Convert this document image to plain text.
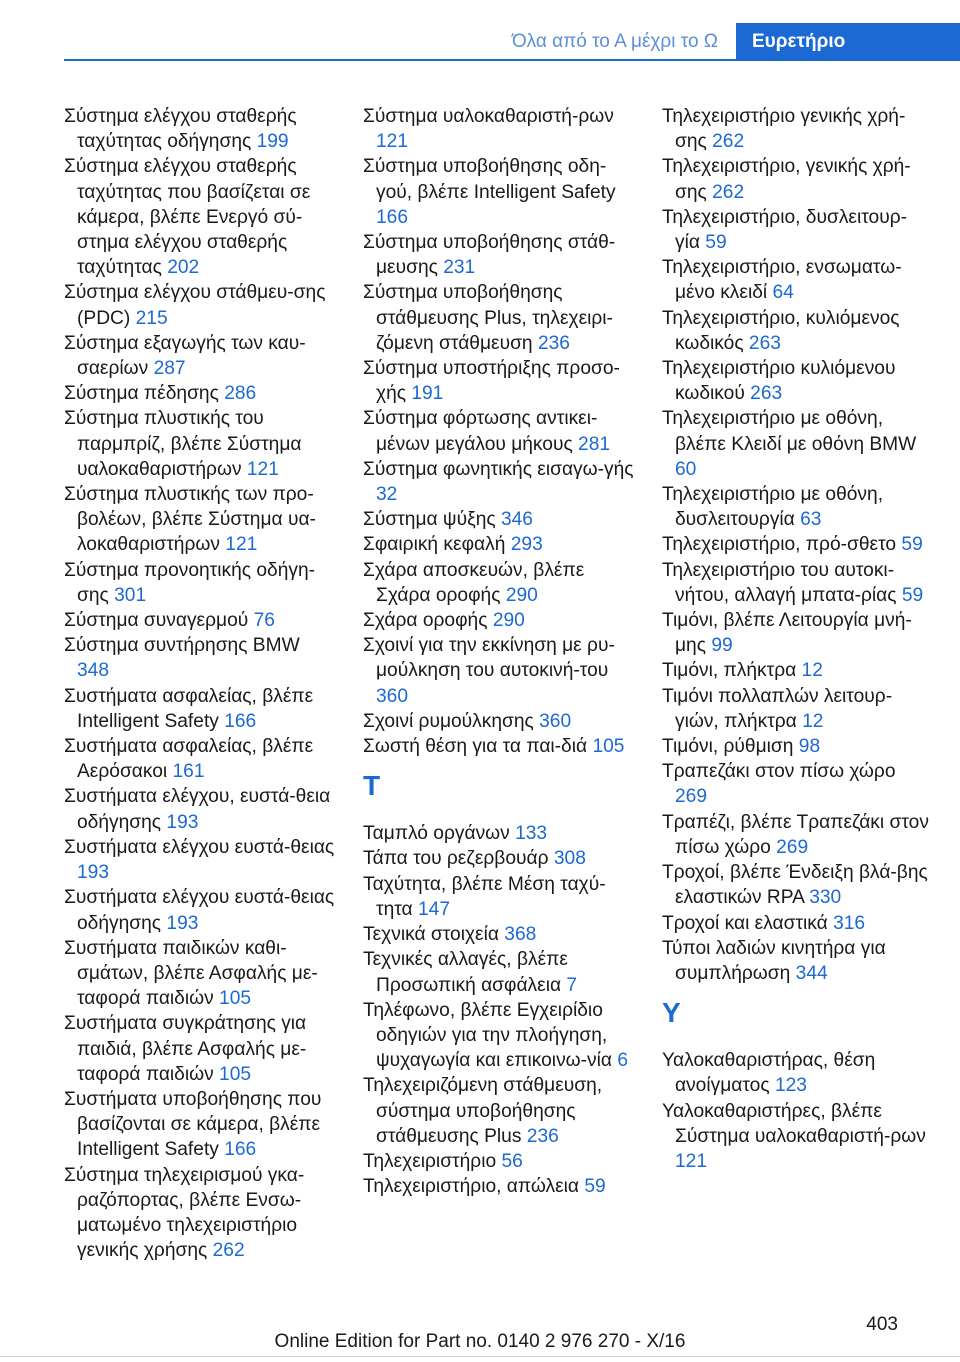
Όλα από το Α μέχρι το Ω	Ευρετήριο
Σύστημα ελέγχου σταθερής ταχύτητας οδήγησης 199
Σύστημα ελέγχου σταθερής ταχύτητας που βασίζεται σε κάμερα, βλέπε Ενεργό σύ-στημα ελέγχου σταθερής ταχύτητας 202
Σύστημα ελέγχου στάθμευ-σης (PDC) 215
Σύστημα εξαγωγής των καυ-σαερίων 287
Σύστημα πέδησης 286
Σύστημα πλυστικής του παρμπρίζ, βλέπε Σύστημα υαλοκαθαριστήρων 121
Σύστημα πλυστικής των προ-βολέων, βλέπε Σύστημα υα-λοκαθαριστήρων 121
Σύστημα προνοητικής οδήγη-σης 301
Σύστημα συναγερμού 76
Σύστημα συντήρησης BMW 348
Συστήματα ασφαλείας, βλέπε Intelligent Safety 166
Συστήματα ασφαλείας, βλέπε Αερόσακοι 161
Συστήματα ελέγχου, ευστά-θεια οδήγησης 193
Συστήματα ελέγχου ευστά-θειας 193
Συστήματα ελέγχου ευστά-θειας οδήγησης 193
Συστήματα παιδικών καθι-σμάτων, βλέπε Ασφαλής με-ταφορά παιδιών 105
Συστήματα συγκράτησης για παιδιά, βλέπε Ασφαλής με-ταφορά παιδιών 105
Συστήματα υποβοήθησης που βασίζονται σε κάμερα, βλέπε Intelligent Safety 166
Σύστημα τηλεχειρισμού γκα-ραζόπορτας, βλέπε Ενσω-ματωμένο τηλεχειριστήριο γενικής χρήσης 262
Σύστημα υαλοκαθαριστή-ρων 121
Σύστημα υποβοήθησης οδη-γού, βλέπε Intelligent Safety 166
Σύστημα υποβοήθησης στάθ-μευσης 231
Σύστημα υποβοήθησης στάθμευσης Plus, τηλεχειρι-ζόμενη στάθμευση 236
Σύστημα υποστήριξης προσο-χής 191
Σύστημα φόρτωσης αντικει-μένων μεγάλου μήκους 281
Σύστημα φωνητικής εισαγω-γής 32
Σύστημα ψύξης 346
Σφαιρική κεφαλή 293
Σχάρα αποσκευών, βλέπε Σχάρα οροφής 290
Σχάρα οροφής 290
Σχοινί για την εκκίνηση με ρυ-μούλκηση του αυτοκινή-του 360
Σχοινί ρυμούλκησης 360
Σωστή θέση για τα παι-διά 105
T
Ταμπλό οργάνων 133
Τάπα του ρεζερβουάρ 308
Ταχύτητα, βλέπε Μέση ταχύ-τητα 147
Τεχνικά στοιχεία 368
Τεχνικές αλλαγές, βλέπε Προσωπική ασφάλεια 7
Τηλέφωνο, βλέπε Εγχειρίδιο οδηγιών για την πλοήγηση, ψυχαγωγία και επικοινω-νία 6
Τηλεχειριζόμενη στάθμευση, σύστημα υποβοήθησης στάθμευσης Plus 236
Τηλεχειριστήριο 56
Τηλεχειριστήριο, απώλεια 59
Τηλεχειριστήριο γενικής χρή-σης 262
Τηλεχειριστήριο, γενικής χρή-σης 262
Τηλεχειριστήριο, δυσλειτουρ-γία 59
Τηλεχειριστήριο, ενσωματω-μένο κλειδί 64
Τηλεχειριστήριο, κυλιόμενος κωδικός 263
Τηλεχειριστήριο κυλιόμενου κωδικού 263
Τηλεχειριστήριο με οθόνη, βλέπε Κλειδί με οθόνη BMW 60
Τηλεχειριστήριο με οθόνη, δυσλειτουργία 63
Τηλεχειριστήριο, πρό-σθετο 59
Τηλεχειριστήριο του αυτοκι-νήτου, αλλαγή μπατα-ρίας 59
Τιμόνι, βλέπε Λειτουργία μνή-μης 99
Τιμόνι, πλήκτρα 12
Τιμόνι πολλαπλών λειτουρ-γιών, πλήκτρα 12
Τιμόνι, ρύθμιση 98
Τραπεζάκι στον πίσω χώρο 269
Τραπέζι, βλέπε Τραπεζάκι στον πίσω χώρο 269
Τροχοί, βλέπε Ένδειξη βλά-βης ελαστικών RPA 330
Τροχοί και ελαστικά 316
Τύποι λαδιών κινητήρα για συμπλήρωση 344
Y
Υαλοκαθαριστήρας, θέση ανοίγματος 123
Υαλοκαθαριστήρες, βλέπε Σύστημα υαλοκαθαριστή-ρων 121
403
Online Edition for Part no. 0140 2 976 270 - X/16
